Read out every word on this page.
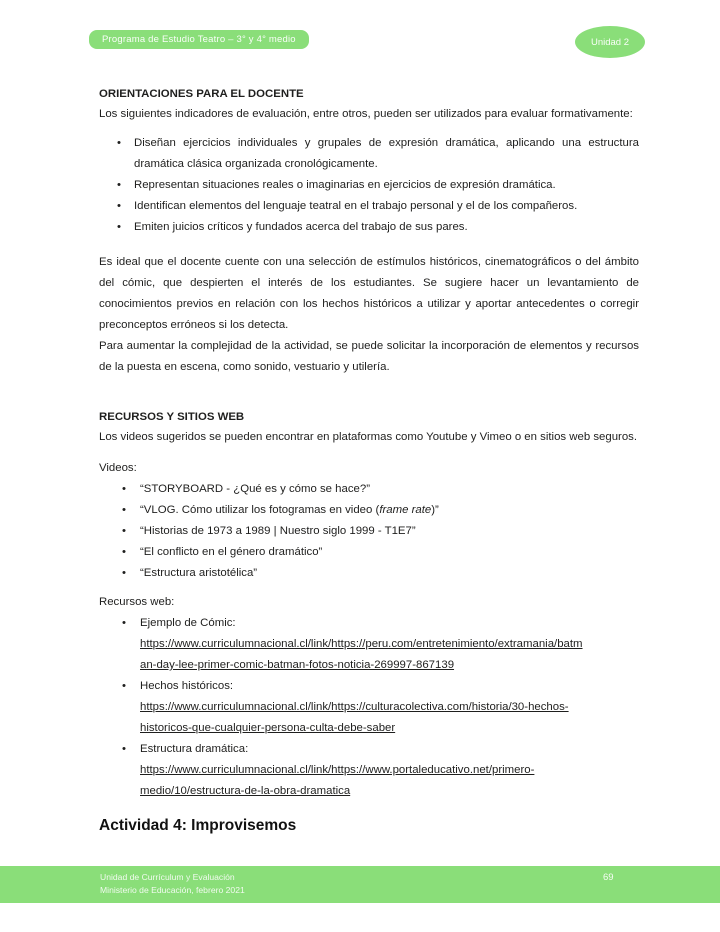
Programa de Estudio Teatro – 3° y 4° medio	Unidad 2
ORIENTACIONES PARA EL DOCENTE

Los siguientes indicadores de evaluación, entre otros, pueden ser utilizados para evaluar formativamente:

• Diseñan ejercicios individuales y grupales de expresión dramática, aplicando una estructura dramática clásica organizada cronológicamente.
• Representan situaciones reales o imaginarias en ejercicios de expresión dramática.
• Identifican elementos del lenguaje teatral en el trabajo personal y el de los compañeros.
• Emiten juicios críticos y fundados acerca del trabajo de sus pares.

Es ideal que el docente cuente con una selección de estímulos históricos, cinematográficos o del ámbito del cómic, que despierten el interés de los estudiantes. Se sugiere hacer un levantamiento de conocimientos previos en relación con los hechos históricos a utilizar y aportar antecedentes o corregir preconceptos erróneos si los detecta.

Para aumentar la complejidad de la actividad, se puede solicitar la incorporación de elementos y recursos de la puesta en escena, como sonido, vestuario y utilería.

RECURSOS Y SITIOS WEB

Los videos sugeridos se pueden encontrar en plataformas como Youtube y Vimeo o en sitios web seguros.

Videos:

• “STORYBOARD - ¿Qué es y cómo se hace?”
• “VLOG. Cómo utilizar los fotogramas en video (frame rate)”
• “Historias de 1973 a 1989 | Nuestro siglo 1999 - T1E7”
• “El conflicto en el género dramático”
• “Estructura aristotélica”

Recursos web:

• Ejemplo de Cómic:
https://www.curriculumnacional.cl/link/https://peru.com/entretenimiento/extramania/batm
an-day-lee-primer-comic-batman-fotos-noticia-269997-867139
• Hechos históricos:
https://www.curriculumnacional.cl/link/https://culturacolectiva.com/historia/30-hechos-
historicos-que-cualquier-persona-culta-debe-saber
• Estructura dramática:
https://www.curriculumnacional.cl/link/https://www.portaleducativo.net/primero-
medio/10/estructura-de-la-obra-dramatica
Actividad 4: Improvisemos
Unidad de Currículum y Evaluación
Ministerio de Educación, febrero 2021
69
